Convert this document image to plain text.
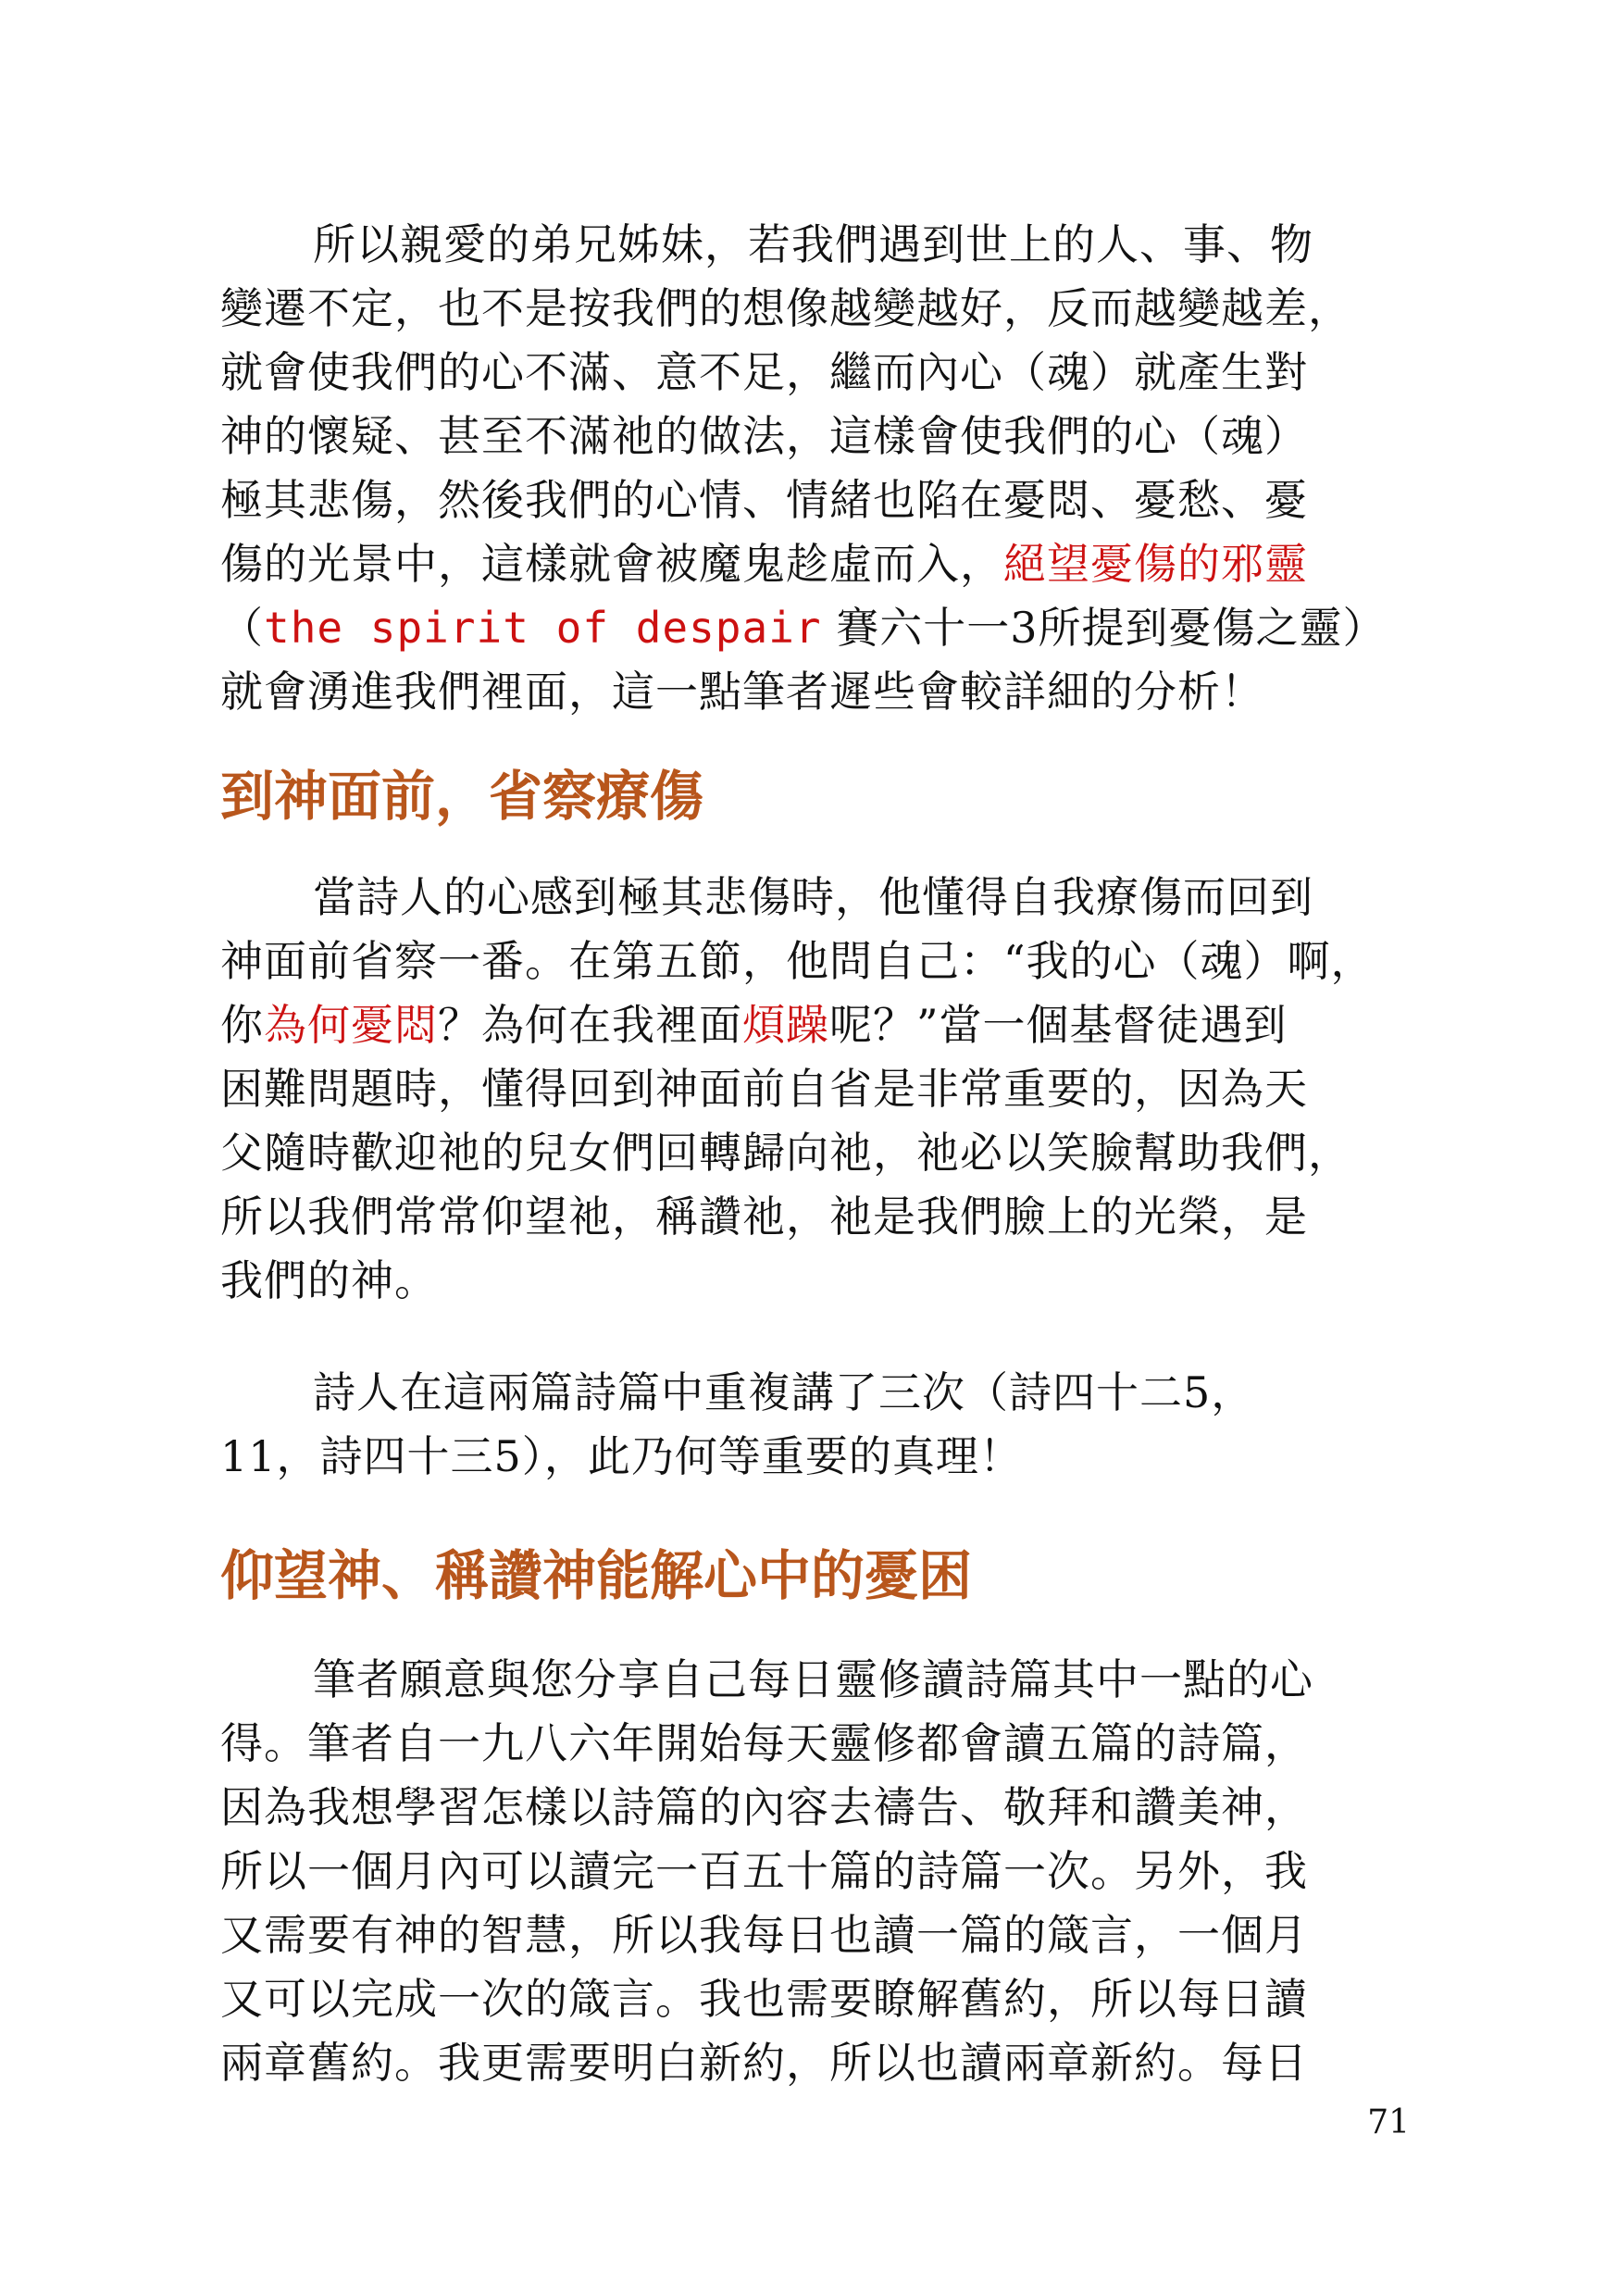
所以親愛的弟兄姊妹，若我們遇到世上的人、事、物
變遷不定，也不是按我們的想像越變越好，反而越變越差，
就會使我們的心不滿、意不足，繼而內心（魂）就產生對
神的懷疑、甚至不滿祂的做法，這樣會使我們的心（魂）
極其悲傷，然後我們的心情、情緒也陷在憂悶、憂愁、憂
傷的光景中，這樣就會被魔鬼趁虛而入，絕望憂傷的邪靈
（the spirit of despair 賽六十一3所提到憂傷之靈）
就會湧進我們裡面，這一點筆者遲些會較詳細的分析！

到神面前，省察療傷

當詩人的心感到極其悲傷時，他懂得自我療傷而回到
神面前省察一番。在第五節，他問自己：“我的心（魂）啊，
你為何憂悶？為何在我裡面煩躁呢？”當一個基督徒遇到
困難問題時，懂得回到神面前自省是非常重要的，因為天
父隨時歡迎祂的兒女們回轉歸向祂，祂必以笑臉幫助我們，
所以我們常常仰望祂，稱讚祂，祂是我們臉上的光榮，是
我們的神。

詩人在這兩篇詩篇中重複講了三次（詩四十二5，
11，詩四十三5），此乃何等重要的真理！

仰望神、稱讚神能解心中的憂困

筆者願意與您分享自己每日靈修讀詩篇其中一點的心
得。筆者自一九八六年開始每天靈修都會讀五篇的詩篇，
因為我想學習怎樣以詩篇的內容去禱告、敬拜和讚美神，
所以一個月內可以讀完一百五十篇的詩篇一次。另外，我
又需要有神的智慧，所以我每日也讀一篇的箴言，一個月
又可以完成一次的箴言。我也需要瞭解舊約，所以每日讀
兩章舊約。我更需要明白新約，所以也讀兩章新約。每日

71
